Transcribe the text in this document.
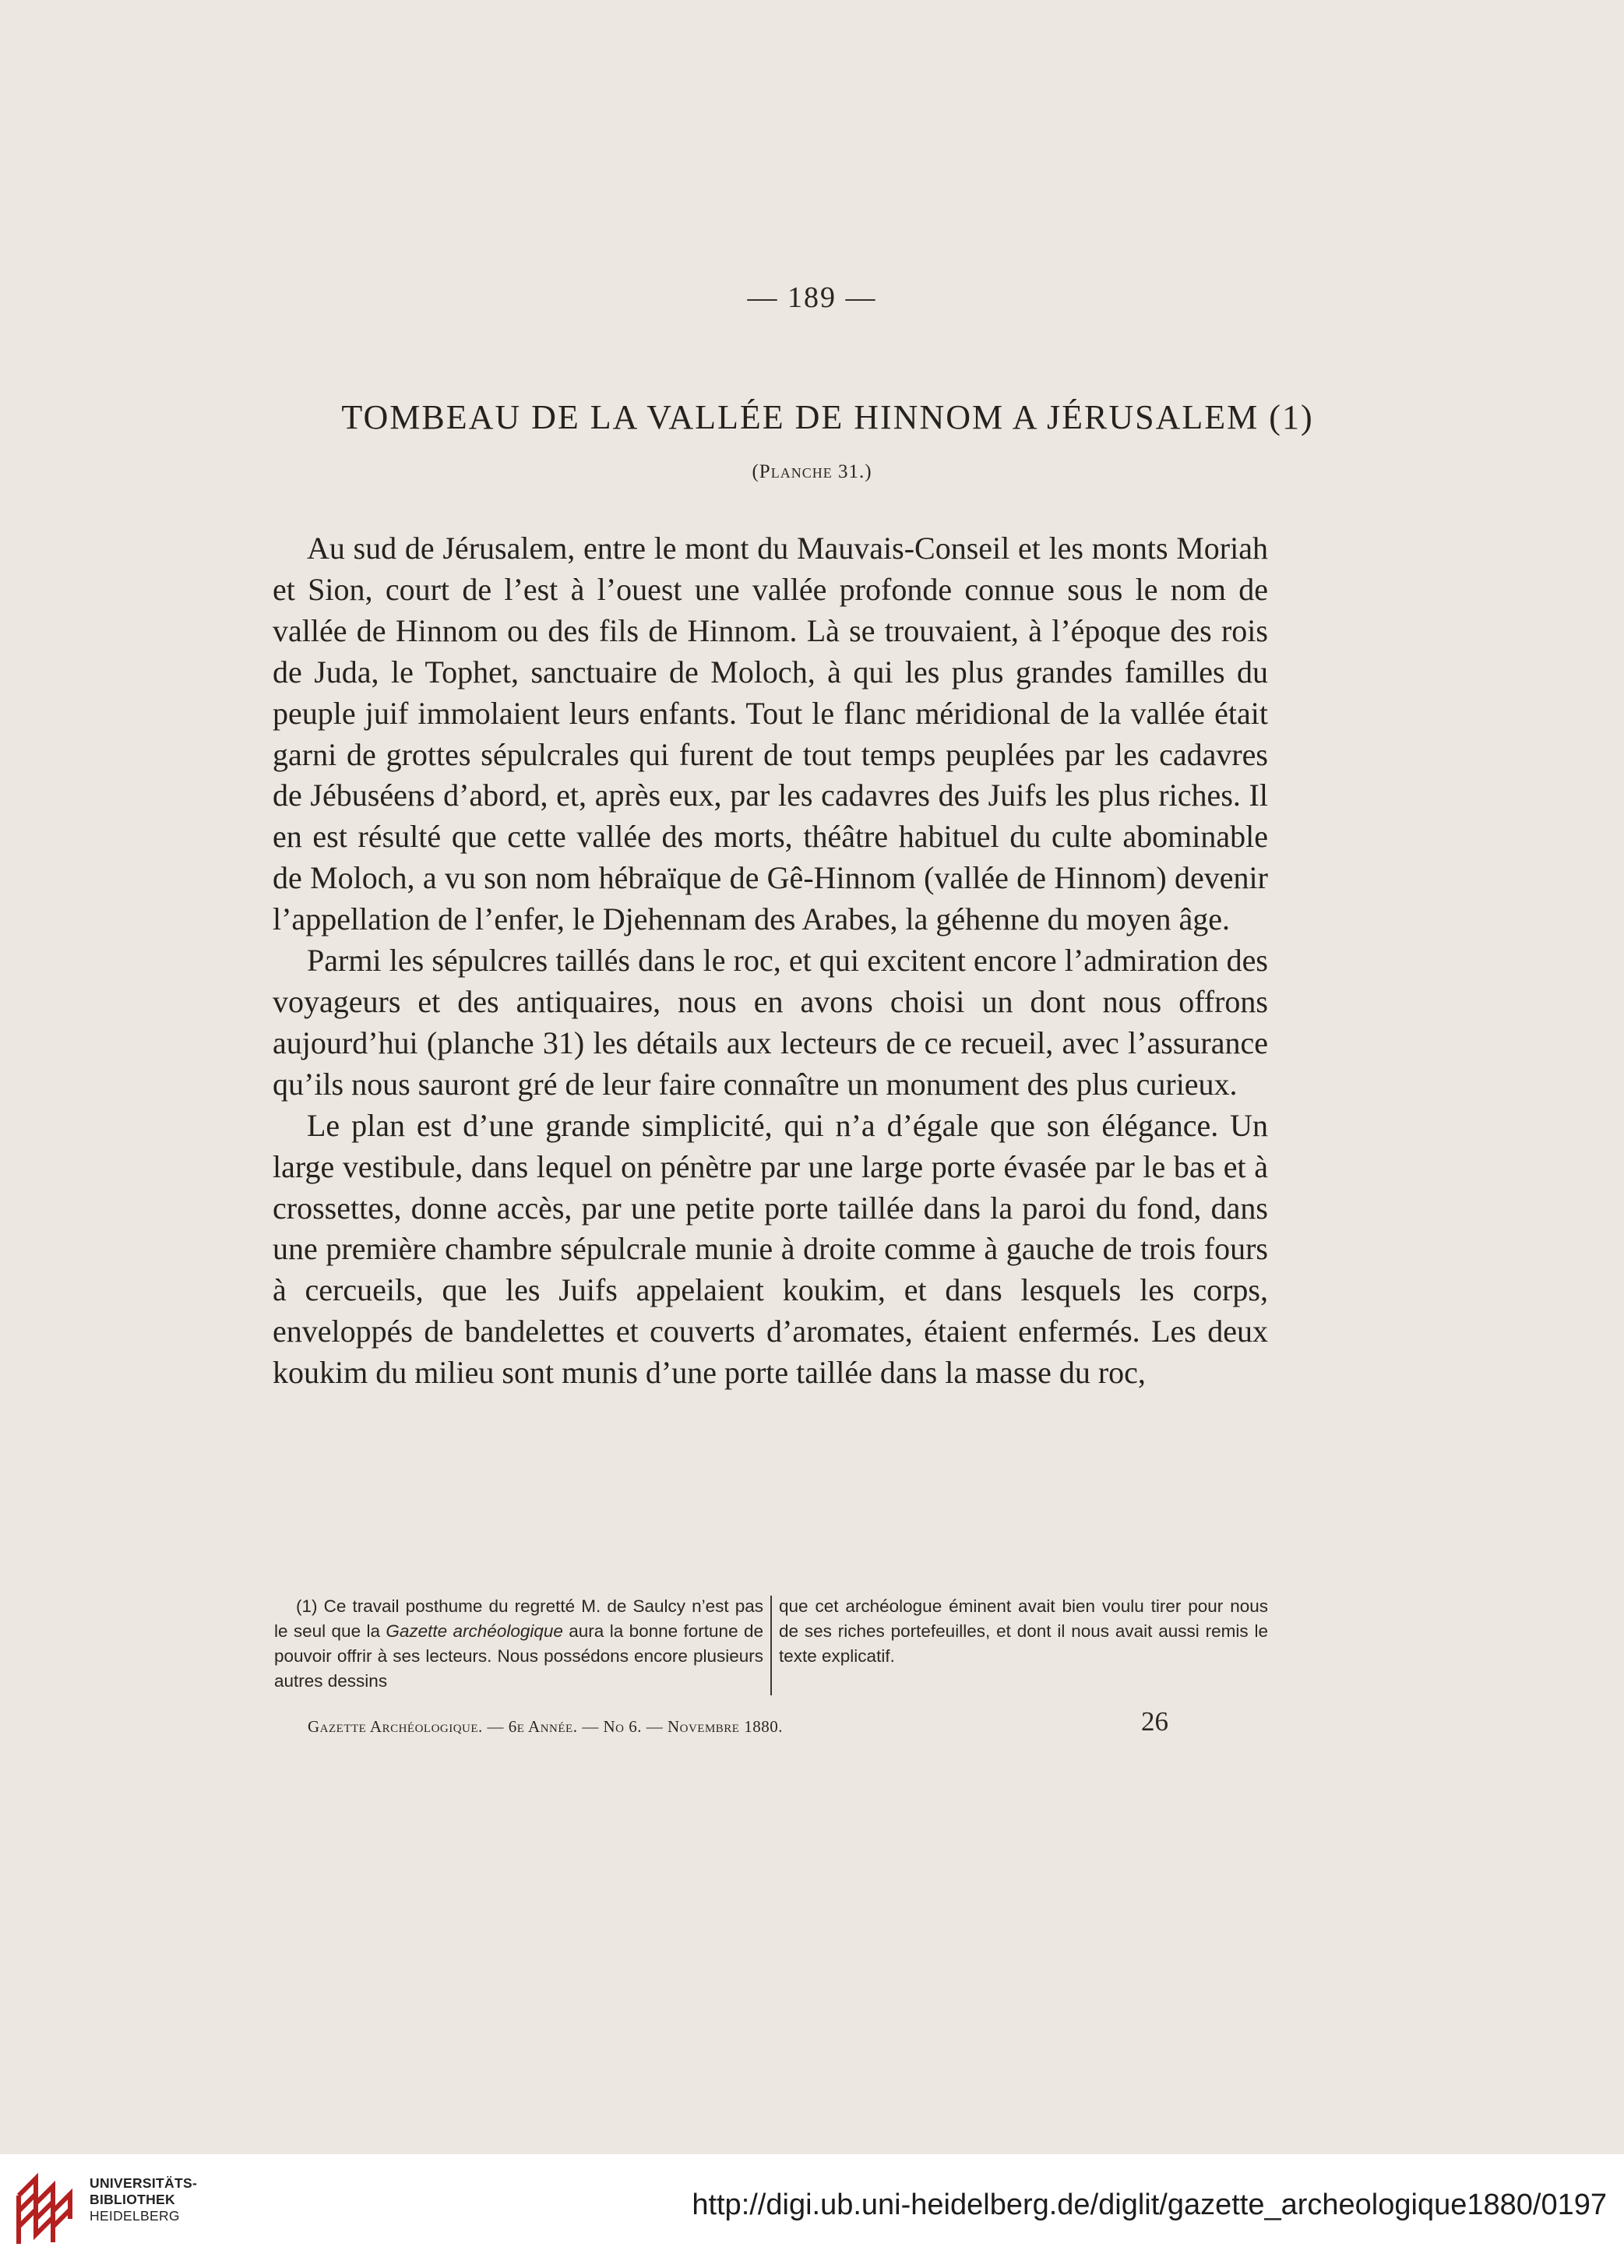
— 189 —
TOMBEAU DE LA VALLÉE DE HINNOM A JÉRUSALEM (1)
(Planche 31.)

Au sud de Jérusalem, entre le mont du Mauvais-Conseil et les monts Moriah et Sion, court de l’est à l’ouest une vallée profonde connue sous le nom de vallée de Hinnom ou des fils de Hinnom. Là se trouvaient, à l’époque des rois de Juda, le Tophet, sanctuaire de Moloch, à qui les plus grandes familles du peuple juif immolaient leurs enfants. Tout le flanc méridional de la vallée était garni de grottes sépulcrales qui furent de tout temps peuplées par les cadavres de Jébuséens d’abord, et, après eux, par les cadavres des Juifs les plus riches. Il en est résulté que cette vallée des morts, théâtre habituel du culte abominable de Moloch, a vu son nom hébraïque de Gê-Hinnom (vallée de Hinnom) devenir l’appellation de l’enfer, le Djehennam des Arabes, la géhenne du moyen âge.

Parmi les sépulcres taillés dans le roc, et qui excitent encore l’admiration des voyageurs et des antiquaires, nous en avons choisi un dont nous offrons aujourd’hui (planche 31) les détails aux lecteurs de ce recueil, avec l’assurance qu’ils nous sauront gré de leur faire connaître un monument des plus curieux.

Le plan est d’une grande simplicité, qui n’a d’égale que son élégance. Un large vestibule, dans lequel on pénètre par une large porte évasée par le bas et à crossettes, donne accès, par une petite porte taillée dans la paroi du fond, dans une première chambre sépulcrale munie à droite comme à gauche de trois fours à cercueils, que les Juifs appelaient koukim, et dans lesquels les corps, enveloppés de bandelettes et couverts d’aromates, étaient enfermés. Les deux koukim du milieu sont munis d’une porte taillée dans la masse du roc,

(1) Ce travail posthume du regretté M. de Saulcy n’est pas le seul que la Gazette archéologique aura la bonne fortune de pouvoir offrir à ses lecteurs. Nous possédons encore plusieurs autres dessins
que cet archéologue éminent avait bien voulu tirer pour nous de ses riches portefeuilles, et dont il nous avait aussi remis le texte explicatif.
Gazette Archéologique. — 6e Année. — No 6. — Novembre 1880.	26
UNIVERSITÄTS-
BIBLIOTHEK
HEIDELBERG	http://digi.ub.uni-heidelberg.de/diglit/gazette_archeologique1880/0197
